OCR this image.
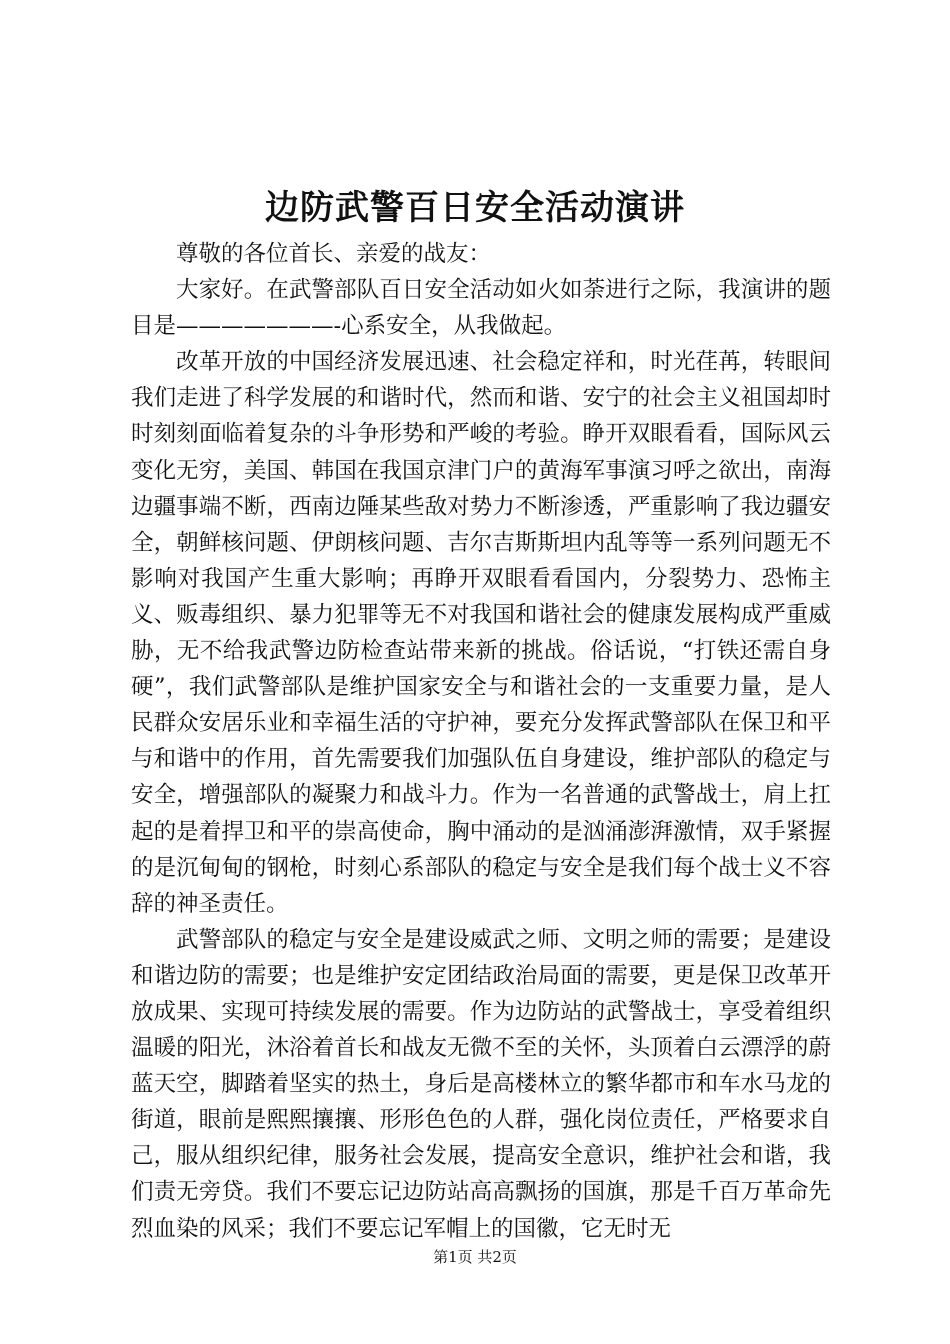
边防武警百日安全活动演讲

尊敬的各位首长、亲爱的战友：

大家好。在武警部队百日安全活动如火如荼进行之际，我演讲的题目是———————-心系安全，从我做起。

改革开放的中国经济发展迅速、社会稳定祥和，时光荏苒，转眼间我们走进了科学发展的和谐时代，然而和谐、安宁的社会主义祖国却时时刻刻面临着复杂的斗争形势和严峻的考验。睁开双眼看看，国际风云变化无穷，美国、韩国在我国京津门户的黄海军事演习呼之欲出，南海边疆事端不断，西南边陲某些敌对势力不断渗透，严重影响了我边疆安全，朝鲜核问题、伊朗核问题、吉尔吉斯斯坦内乱等等一系列问题无不影响对我国产生重大影响；再睁开双眼看看国内，分裂势力、恐怖主义、贩毒组织、暴力犯罪等无不对我国和谐社会的健康发展构成严重威胁，无不给我武警边防检查站带来新的挑战。俗话说，“打铁还需自身硬”，我们武警部队是维护国家安全与和谐社会的一支重要力量，是人民群众安居乐业和幸福生活的守护神，要充分发挥武警部队在保卫和平与和谐中的作用，首先需要我们加强队伍自身建设，维护部队的稳定与安全，增强部队的凝聚力和战斗力。作为一名普通的武警战士，肩上扛起的是着捍卫和平的崇高使命，胸中涌动的是汹涌澎湃激情，双手紧握的是沉甸甸的钢枪，时刻心系部队的稳定与安全是我们每个战士义不容辞的神圣责任。

武警部队的稳定与安全是建设威武之师、文明之师的需要；是建设和谐边防的需要；也是维护安定团结政治局面的需要，更是保卫改革开放成果、实现可持续发展的需要。作为边防站的武警战士，享受着组织温暖的阳光，沐浴着首长和战友无微不至的关怀，头顶着白云漂浮的蔚蓝天空，脚踏着坚实的热土，身后是高楼林立的繁华都市和车水马龙的街道，眼前是熙熙攘攘、形形色色的人群，强化岗位责任，严格要求自己，服从组织纪律，服务社会发展，提高安全意识，维护社会和谐，我们责无旁贷。我们不要忘记边防站高高飘扬的国旗，那是千百万革命先烈血染的风采；我们不要忘记军帽上的国徽，它无时无

第1页 共2页
